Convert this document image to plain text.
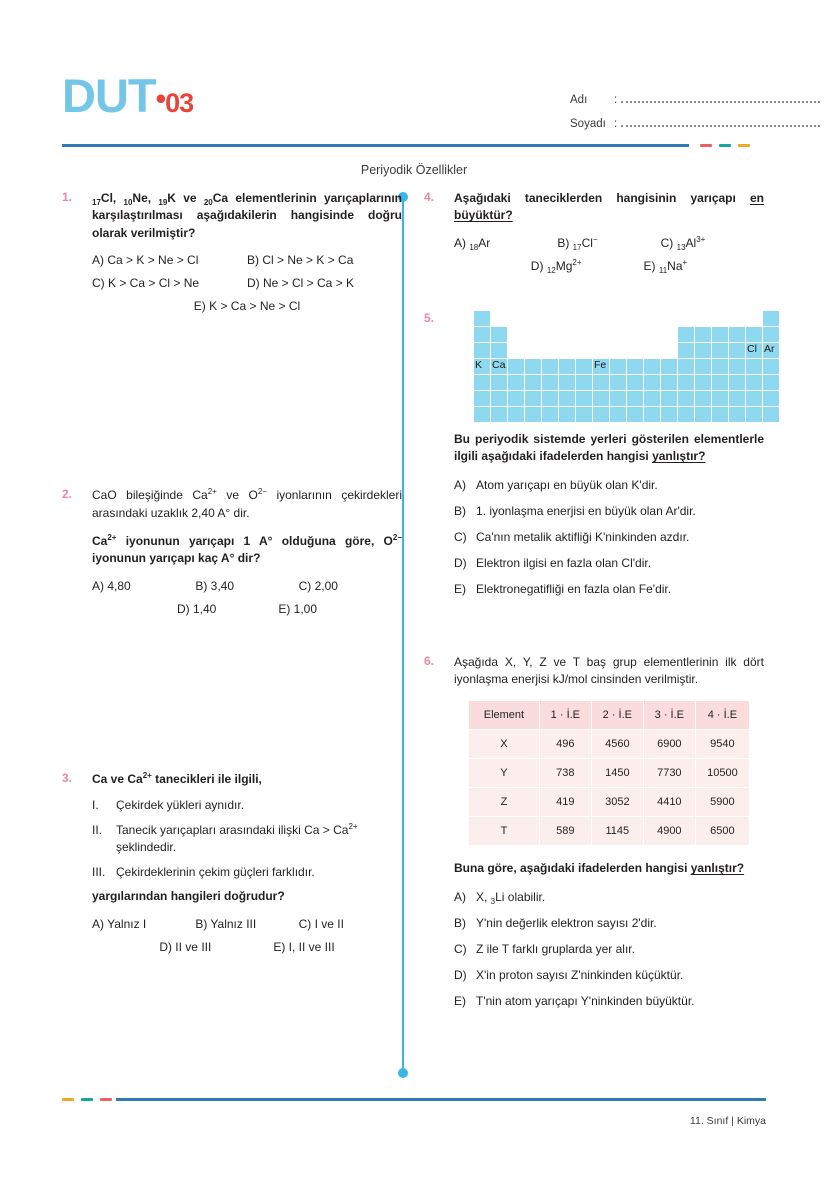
DUT•03	Adı	:
Soyadı :
Periyodik Özellikler
1.	$_{17}$Cl, $_{10}$Ne, $_{19}$K ve $_{20}$Ca elementlerinin yarıçaplarının karşılaştırılması aşağıdakilerin hangisinde doğru olarak verilmiştir?
A) Ca > K > Ne > Cl	B) Cl > Ne > K > Ca
C) K > Ca > Cl > Ne	D) Ne > Cl > Ca > K
E) K > Ca > Ne > Cl
2.	CaO bileşiğinde $Ca^{2+}$ ve $O^{2-}$ iyonlarının çekirdekleri arasındaki uzaklık 2,40 A° dir.
$Ca^{2+}$ iyonunun yarıçapı 1 A° olduğuna göre, $O^{2-}$ iyonunun yarıçapı kaç A° dir?
A) 4,80	B) 3,40	C) 2,00
D) 1,40	E) 1,00
3.	Ca ve $Ca^{2+}$ tanecikleri ile ilgili,
I.	Çekirdek yükleri aynıdır.
II.	Tanecik yarıçapları arasındaki ilişki $Ca > Ca^{2+}$ şeklindedir.
III. Çekirdeklerinin çekim güçleri farklıdır.
yargılarından hangileri doğrudur?
A) Yalnız I	B) Yalnız III	C) I ve II
D) II ve III	E) I, II ve III
4.	Aşağıdaki taneciklerden hangisinin yarıçapı en büyüktür?
A) $_{18}$Ar	B) $_{17}$Cl−	C) $_{13}Al^{3+}$
D) $_{12}Mg^{2+}$	E) $_{11}$Na+
5.
Cl Ar
K Ca	Fe
Bu periyodik sistemde yerleri gösterilen elementlerle ilgili aşağıdaki ifadelerden hangisi yanlıştır?
A) Atom yarıçapı en büyük olan K'dir.
B) 1. iyonlaşma enerjisi en büyük olan Ar'dir.
C) Ca'nın metalik aktifliği K'ninkinden azdır.
D) Elektron ilgisi en fazla olan Cl'dir.
E) Elektronegatifliği en fazla olan Fe'dir.
6.	Aşağıda X, Y, Z ve T baş grup elementlerinin ilk dört iyonlaşma enerjisi kJ/mol cinsinden verilmiştir.
Element	1 · İ.E	2 · İ.E	3 · İ.E	4 · İ.E
X	496	4560	6900	9540
Y	738	1450	7730	10500
Z	419	3052	4410	5900
T	589	1145	4900	6500
Buna göre, aşağıdaki ifadelerden hangisi yanlıştır?
A) X, $_3$Li olabilir.
B) Y'nin değerlik elektron sayısı 2'dir.
C) Z ile T farklı gruplarda yer alır.
D) X'in proton sayısı Z'ninkinden küçüktür.
E) T'nin atom yarıçapı Y'ninkinden büyüktür.
11. Sınıf | Kimya
